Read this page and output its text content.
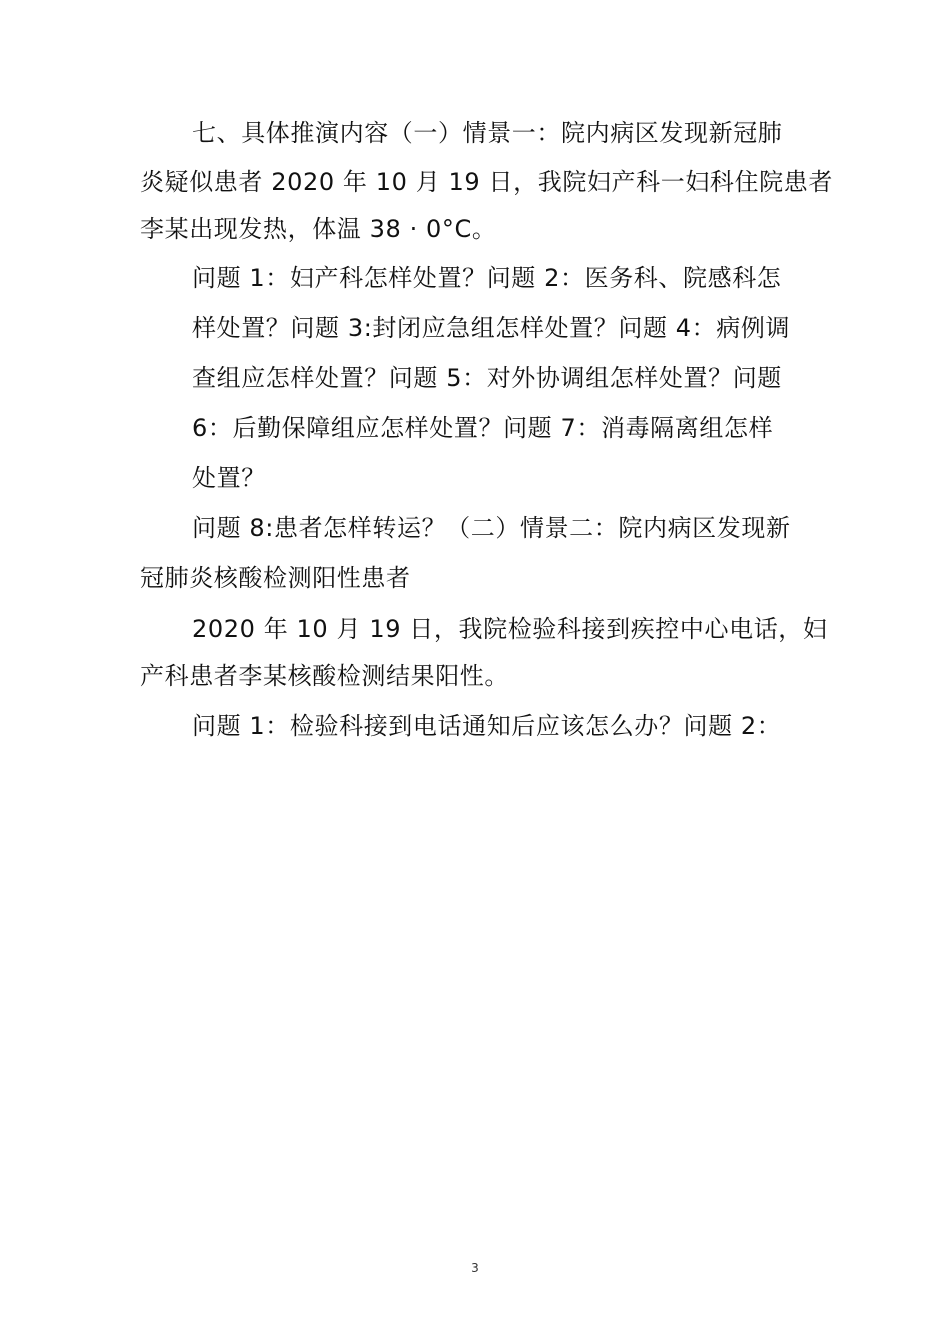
七、具体推演内容（一）情景一：院内病区发现新冠肺
炎疑似患者 2020 年 10 月 19 日，我院妇产科一妇科住院患者
李某出现发热，体温 38 · 0°C。
问题 1：妇产科怎样处置？问题 2：医务科、院感科怎
样处置？问题 3:封闭应急组怎样处置？问题 4：病例调
查组应怎样处置？问题 5：对外协调组怎样处置？问题
6：后勤保障组应怎样处置？问题 7：消毒隔离组怎样
处置？
问题 8:患者怎样转运？（二）情景二：院内病区发现新
冠肺炎核酸检测阳性患者
2020 年 10 月 19 日，我院检验科接到疾控中心电话，妇
产科患者李某核酸检测结果阳性。
问题 1：检验科接到电话通知后应该怎么办？问题 2：
3
